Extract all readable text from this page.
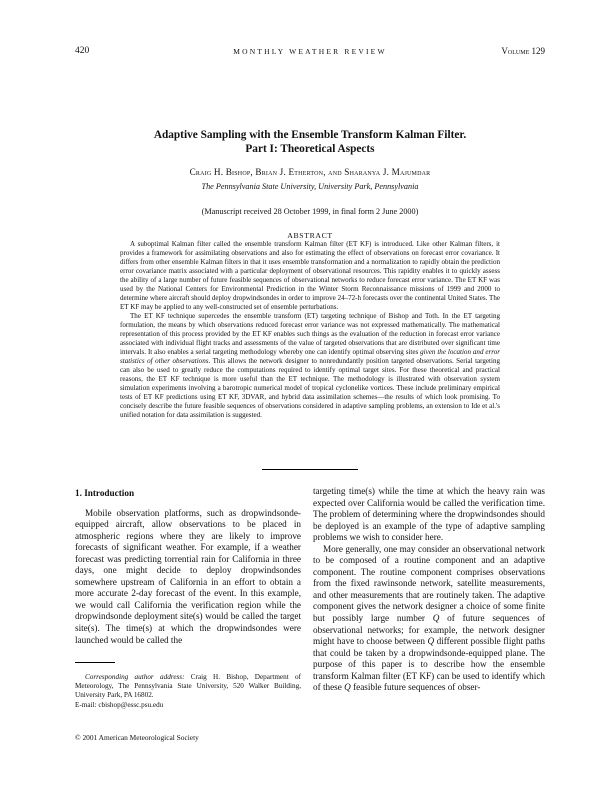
420	MONTHLY WEATHER REVIEW	Volume 129
Adaptive Sampling with the Ensemble Transform Kalman Filter.
Part I: Theoretical Aspects
Craig H. Bishop, Brian J. Etherton, and Sharanya J. Majumdar
The Pennsylvania State University, University Park, Pennsylvania
(Manuscript received 28 October 1999, in final form 2 June 2000)
ABSTRACT

A suboptimal Kalman filter called the ensemble transform Kalman filter (ET KF) is introduced. Like other Kalman filters, it provides a framework for assimilating observations and also for estimating the effect of observations on forecast error covariance. It differs from other ensemble Kalman filters in that it uses ensemble transformation and a normalization to rapidly obtain the prediction error covariance matrix associated with a particular deployment of observational resources. This rapidity enables it to quickly assess the ability of a large number of future feasible sequences of observational networks to reduce forecast error variance. The ET KF was used by the National Centers for Environmental Prediction in the Winter Storm Reconnaissance missions of 1999 and 2000 to determine where aircraft should deploy dropwindsondes in order to improve 24–72-h forecasts over the continental United States. The ET KF may be applied to any well-constructed set of ensemble perturbations.

The ET KF technique supercedes the ensemble transform (ET) targeting technique of Bishop and Toth. In the ET targeting formulation, the means by which observations reduced forecast error variance was not expressed mathematically. The mathematical representation of this process provided by the ET KF enables such things as the evaluation of the reduction in forecast error variance associated with individual flight tracks and assessments of the value of targeted observations that are distributed over significant time intervals. It also enables a serial targeting methodology whereby one can identify optimal observing sites given the location and error statistics of other observations. This allows the network designer to nonredundantly position targeted observations. Serial targeting can also be used to greatly reduce the computations required to identify optimal target sites. For these theoretical and practical reasons, the ET KF technique is more useful than the ET technique. The methodology is illustrated with observation system simulation experiments involving a barotropic numerical model of tropical cyclonelike vortices. These include preliminary empirical tests of ET KF predictions using ET KF, 3DVAR, and hybrid data assimilation schemes—the results of which look promising. To concisely describe the future feasible sequences of observations considered in adaptive sampling problems, an extension to Ide et al.'s unified notation for data assimilation is suggested.

1. Introduction

Mobile observation platforms, such as dropwindsonde-equipped aircraft, allow observations to be placed in atmospheric regions where they are likely to improve forecasts of significant weather. For example, if a weather forecast was predicting torrential rain for California in three days, one might decide to deploy dropwindsondes somewhere upstream of California in an effort to obtain a more accurate 2-day forecast of the event. In this example, we would call California the verification region while the dropwindsonde deployment site(s) would be called the target site(s). The time(s) at which the dropwindsondes were launched would be called the

targeting time(s) while the time at which the heavy rain was expected over California would be called the verification time. The problem of determining where the dropwindsondes should be deployed is an example of the type of adaptive sampling problems we wish to consider here.

More generally, one may consider an observational network to be composed of a routine component and an adaptive component. The routine component comprises observations from the fixed rawinsonde network, satellite measurements, and other measurements that are routinely taken. The adaptive component gives the network designer a choice of some finite but possibly large number Q of future sequences of observational networks; for example, the network designer might have to choose between Q different possible flight paths that could be taken by a dropwindsonde-equipped plane. The purpose of this paper is to describe how the ensemble transform Kalman filter (ET KF) can be used to identify which of these Q feasible future sequences of obser-

Corresponding author address: Craig H. Bishop, Department of Meteorology, The Pennsylvania State University, 520 Walker Building, University Park, PA 16802.

E-mail: cbishop@essc.psu.edu

© 2001 American Meteorological Society
